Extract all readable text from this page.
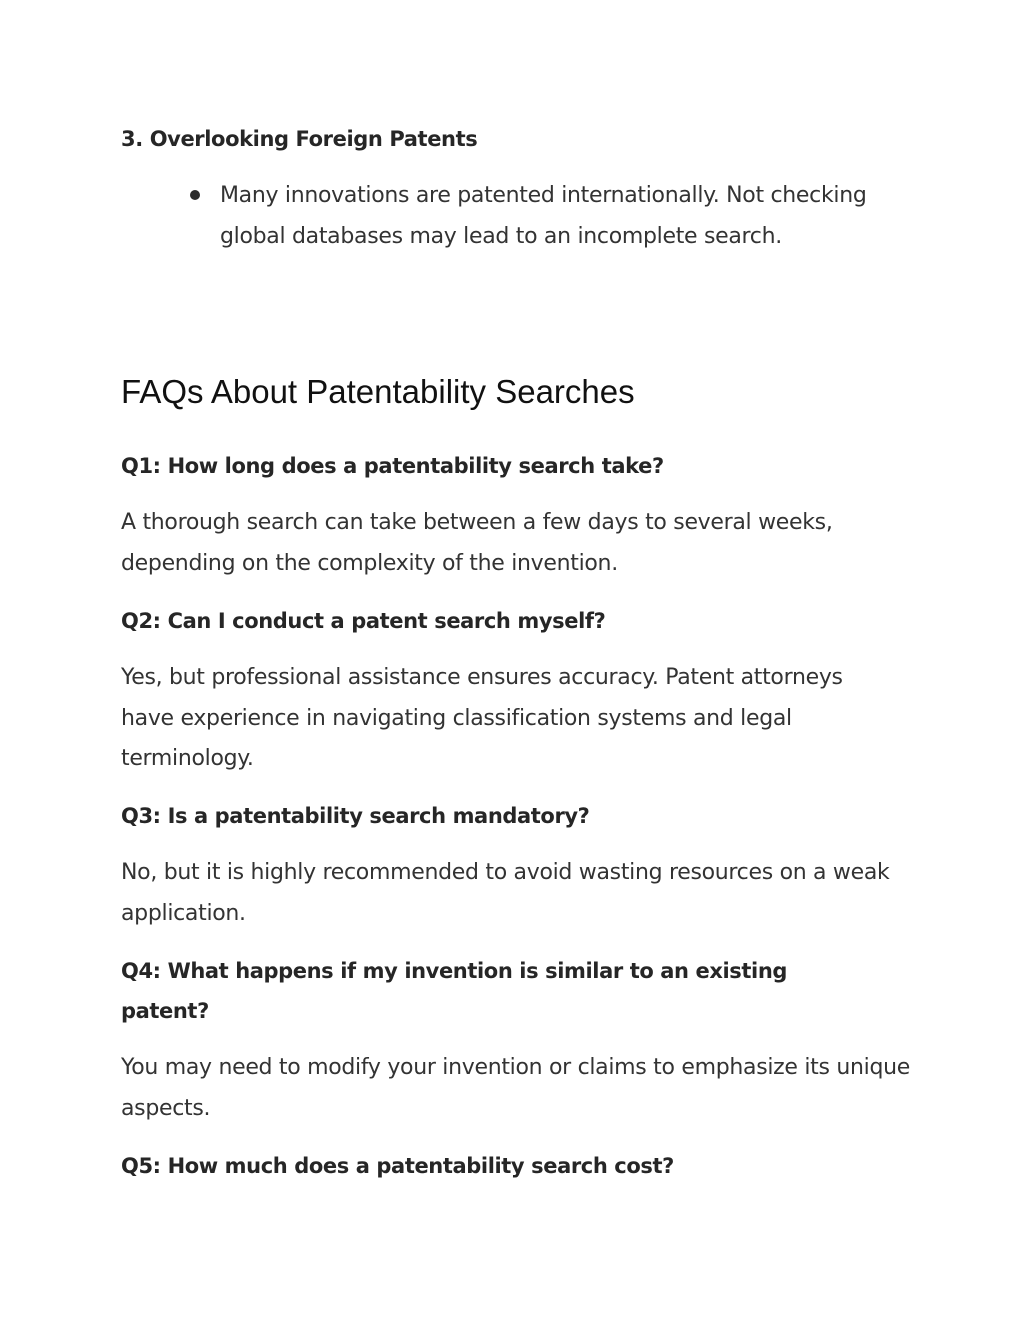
3. Overlooking Foreign Patents
Many innovations are patented internationally. Not checking global databases may lead to an incomplete search.
FAQs About Patentability Searches
Q1: How long does a patentability search take?

A thorough search can take between a few days to several weeks, depending on the complexity of the invention.

Q2: Can I conduct a patent search myself?

Yes, but professional assistance ensures accuracy. Patent attorneys have experience in navigating classification systems and legal terminology.

Q3: Is a patentability search mandatory?

No, but it is highly recommended to avoid wasting resources on a weak application.

Q4: What happens if my invention is similar to an existing patent?

You may need to modify your invention or claims to emphasize its unique aspects.

Q5: How much does a patentability search cost?
